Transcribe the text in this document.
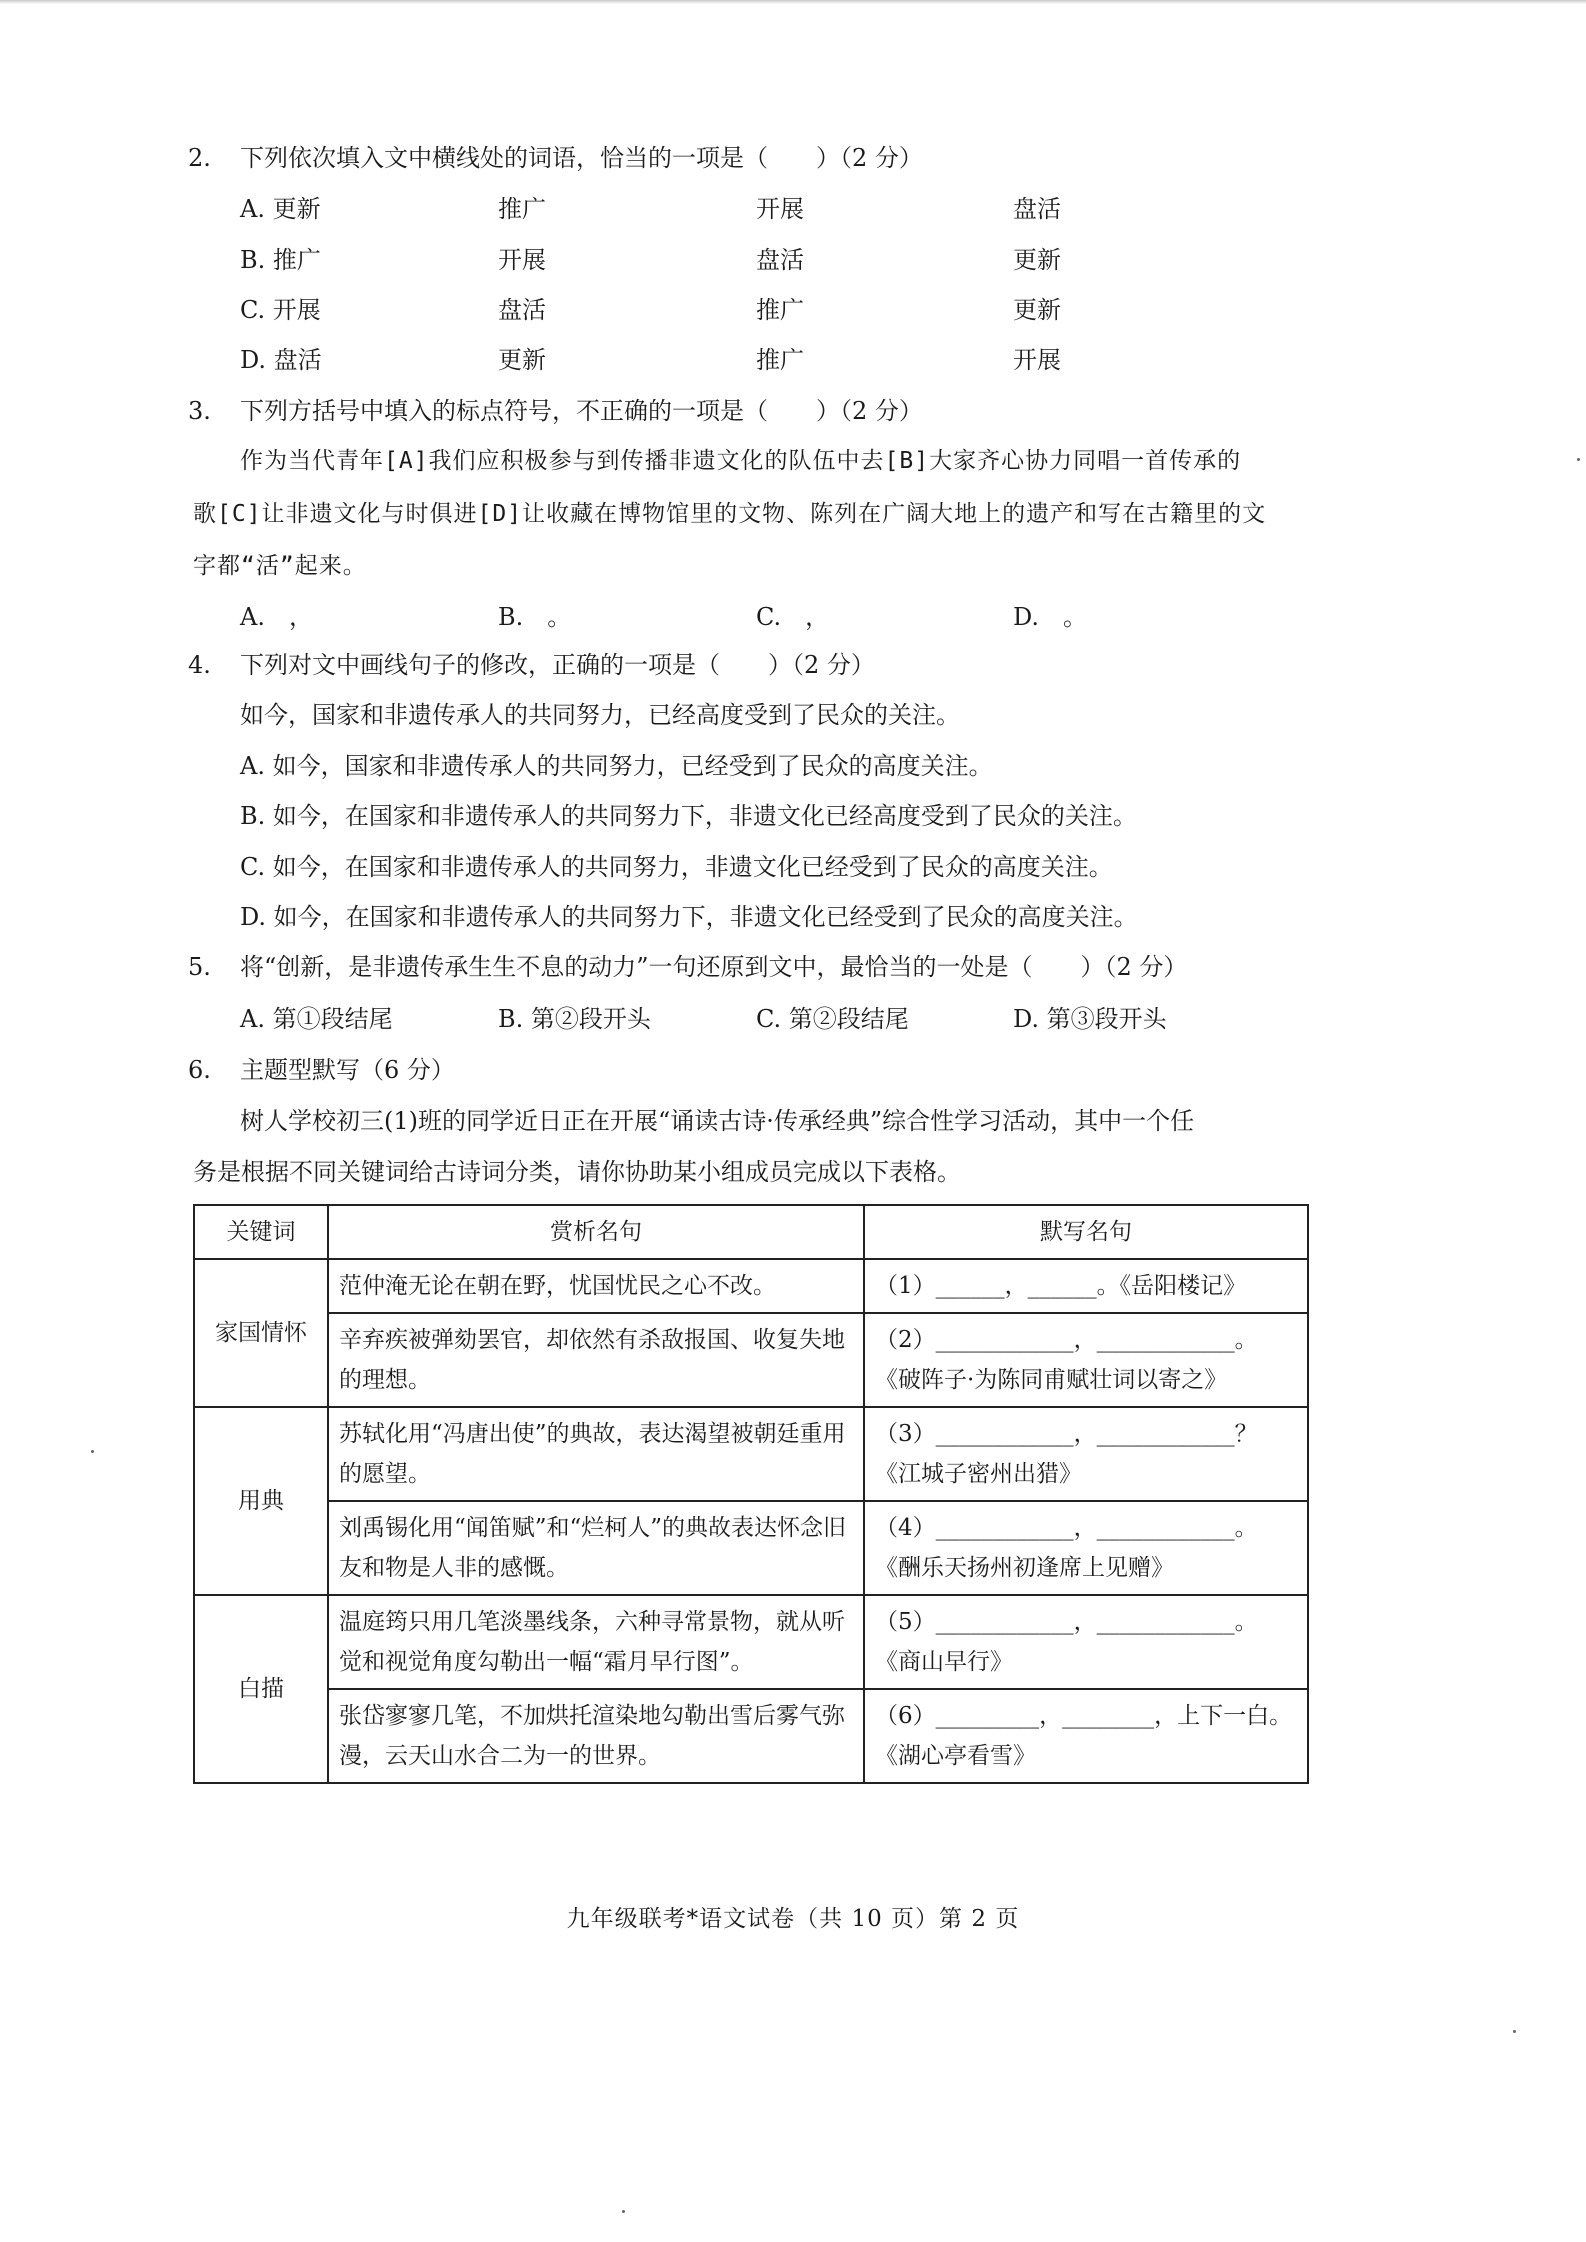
2. 下列依次填入文中横线处的词语，恰当的一项是（　　）（2 分）
A. 更新	推广	开展	盘活
B. 推广	开展	盘活	更新
C. 开展	盘活	推广	更新
D. 盘活	更新	推广	开展
3. 下列方括号中填入的标点符号，不正确的一项是（　　）（2 分）
作为当代青年[A]我们应积极参与到传播非遗文化的队伍中去[B]大家齐心协力同唱一首传承的
歌[C]让非遗文化与时俱进[D]让收藏在博物馆里的文物、陈列在广阔大地上的遗产和写在古籍里的文
字都“活”起来。
A.　，	B.　。	C.　，	D.　。
4. 下列对文中画线句子的修改，正确的一项是（　　）（2 分）
如今，国家和非遗传承人的共同努力，已经高度受到了民众的关注。
A. 如今，国家和非遗传承人的共同努力，已经受到了民众的高度关注。
B. 如今，在国家和非遗传承人的共同努力下，非遗文化已经高度受到了民众的关注。
C. 如今，在国家和非遗传承人的共同努力，非遗文化已经受到了民众的高度关注。
D. 如今，在国家和非遗传承人的共同努力下，非遗文化已经受到了民众的高度关注。
5. 将“创新，是非遗传承生生不息的动力”一句还原到文中，最恰当的一处是（　　）（2 分）
A. 第①段结尾	B. 第②段开头	C. 第②段结尾	D. 第③段开头
6. 主题型默写（6 分）
树人学校初三(1)班的同学近日正在开展“诵读古诗·传承经典”综合性学习活动，其中一个任
务是根据不同关键词给古诗词分类，请你协助某小组成员完成以下表格。
关键词	赏析名句	默写名句
家国情怀	范仲淹无论在朝在野，忧国忧民之心不改。	（1）______，______。《岳阳楼记》

	辛弃疾被弹劾罢官，却依然有杀敌报国、收复失地的理想。	（2）____________，____________。
《破阵子·为陈同甫赋壮词以寄之》

用典	苏轼化用“冯唐出使”的典故，表达渴望被朝廷重用的愿望。	（3）____________，____________？
《江城子密州出猎》

	刘禹锡化用“闻笛赋”和“烂柯人”的典故表达怀念旧友和物是人非的感慨。	（4）____________，____________。
《酬乐天扬州初逢席上见赠》

白描	温庭筠只用几笔淡墨线条，六种寻常景物，就从听觉和视觉角度勾勒出一幅“霜月早行图”。	（5）____________，____________。
《商山早行》

	张岱寥寥几笔，不加烘托渲染地勾勒出雪后雾气弥漫，云天山水合二为一的世界。	（6）_________，________，上下一白。
《湖心亭看雪》
九年级联考*语文试卷（共 10 页）第 2 页
